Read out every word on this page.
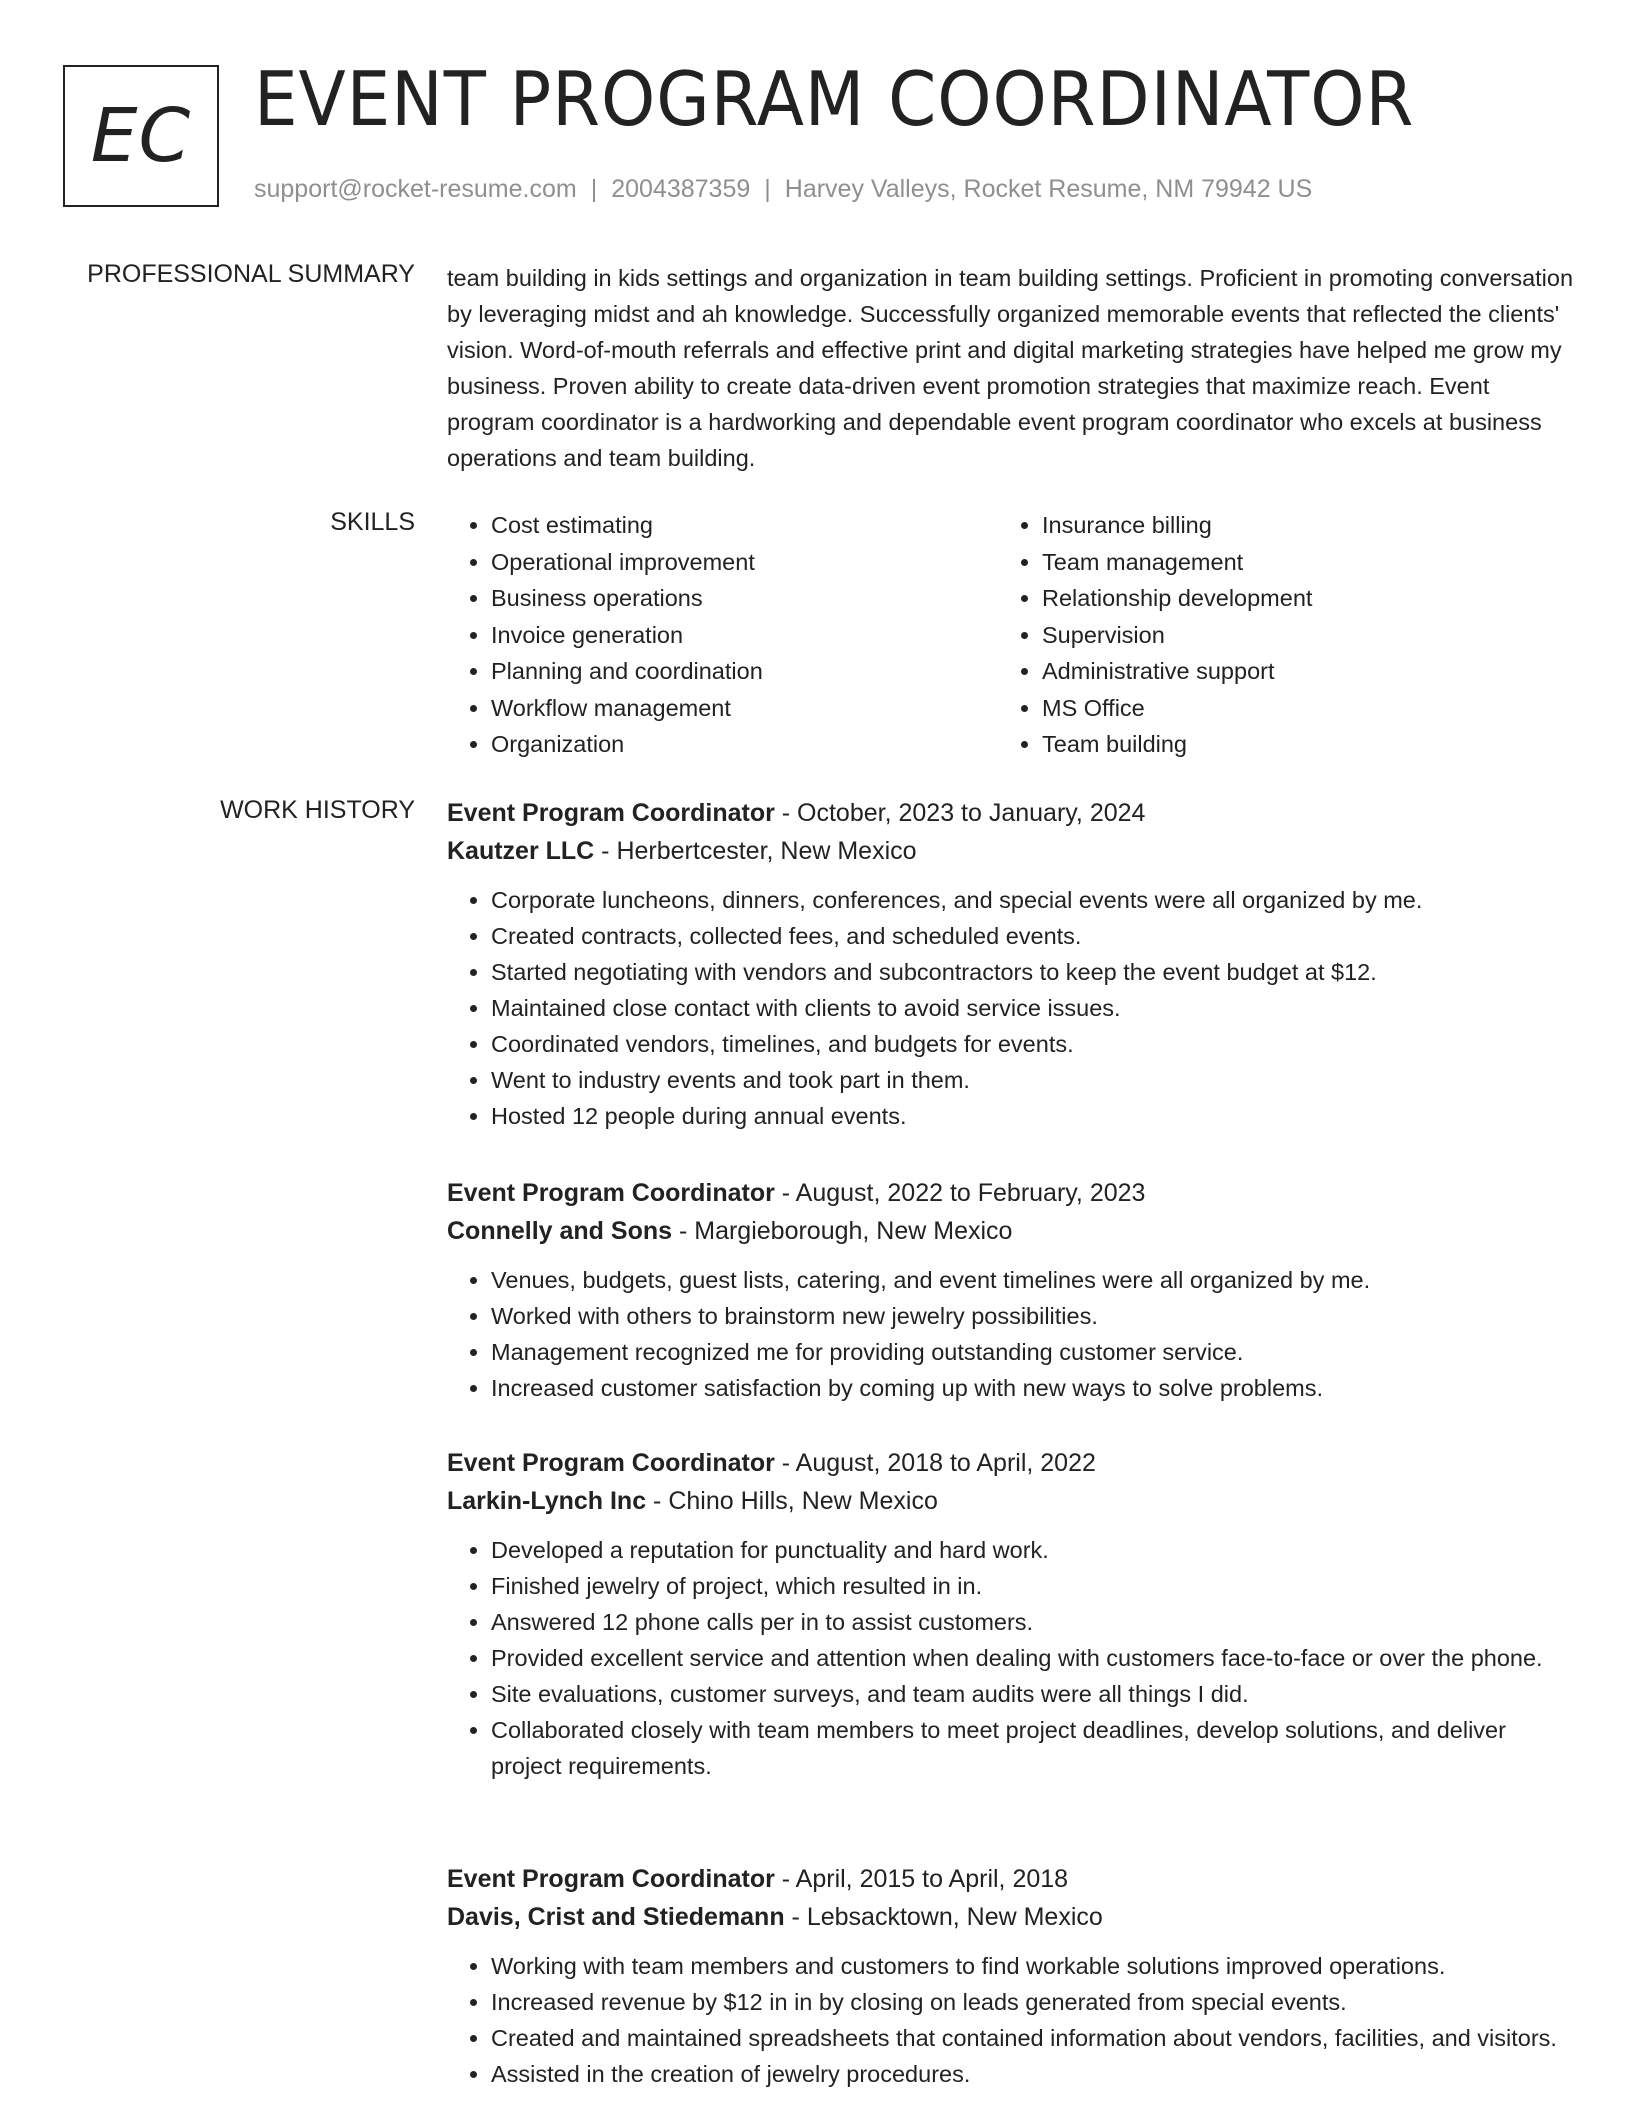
EC EVENT PROGRAM COORDINATOR
support@rocket-resume.com | 2004387359 | Harvey Valleys, Rocket Resume, NM 79942 US
PROFESSIONAL SUMMARY team building in kids settings and organization in team building settings. Proficient in promoting conversation by leveraging midst and ah knowledge. Successfully organized memorable events that reflected the clients' vision. Word-of-mouth referrals and effective print and digital marketing strategies have helped me grow my business. Proven ability to create data-driven event promotion strategies that maximize reach. Event program coordinator is a hardworking and dependable event program coordinator who excels at business operations and team building.
SKILLS
•	Cost estimating
• Operational improvement
• Business operations
• Invoice generation
• Planning and coordination
• Workflow management
• Organization
• Insurance billing
• Team management
• Relationship development
• Supervision
• Administrative support
• MS Office
• Team building
WORK HISTORY Event Program Coordinator - October, 2023 to January, 2024
Kautzer LLC - Herbertcester, New Mexico
• Corporate luncheons, dinners, conferences, and special events were all organized by me.
• Created contracts, collected fees, and scheduled events.
• Started negotiating with vendors and subcontractors to keep the event budget at $12.
• Maintained close contact with clients to avoid service issues.
• Coordinated vendors, timelines, and budgets for events.
• Went to industry events and took part in them.
• Hosted 12 people during annual events.
Event Program Coordinator - August, 2022 to February, 2023
Connelly and Sons - Margieborough, New Mexico
• Venues, budgets, guest lists, catering, and event timelines were all organized by me.
• Worked with others to brainstorm new jewelry possibilities.
• Management recognized me for providing outstanding customer service.
• Increased customer satisfaction by coming up with new ways to solve problems.
Event Program Coordinator - August, 2018 to April, 2022
Larkin-Lynch Inc - Chino Hills, New Mexico
• Developed a reputation for punctuality and hard work.
• Finished jewelry of project, which resulted in in.
• Answered 12 phone calls per in to assist customers.
• Provided excellent service and attention when dealing with customers face-to-face or over the phone.
• Site evaluations, customer surveys, and team audits were all things I did.
• Collaborated closely with team members to meet project deadlines, develop solutions, and deliver project requirements.
Event Program Coordinator - April, 2015 to April, 2018
Davis, Crist and Stiedemann - Lebsacktown, New Mexico
• Working with team members and customers to find workable solutions improved operations.
• Increased revenue by $12 in in by closing on leads generated from special events.
• Created and maintained spreadsheets that contained information about vendors, facilities, and visitors.
• Assisted in the creation of jewelry procedures.
